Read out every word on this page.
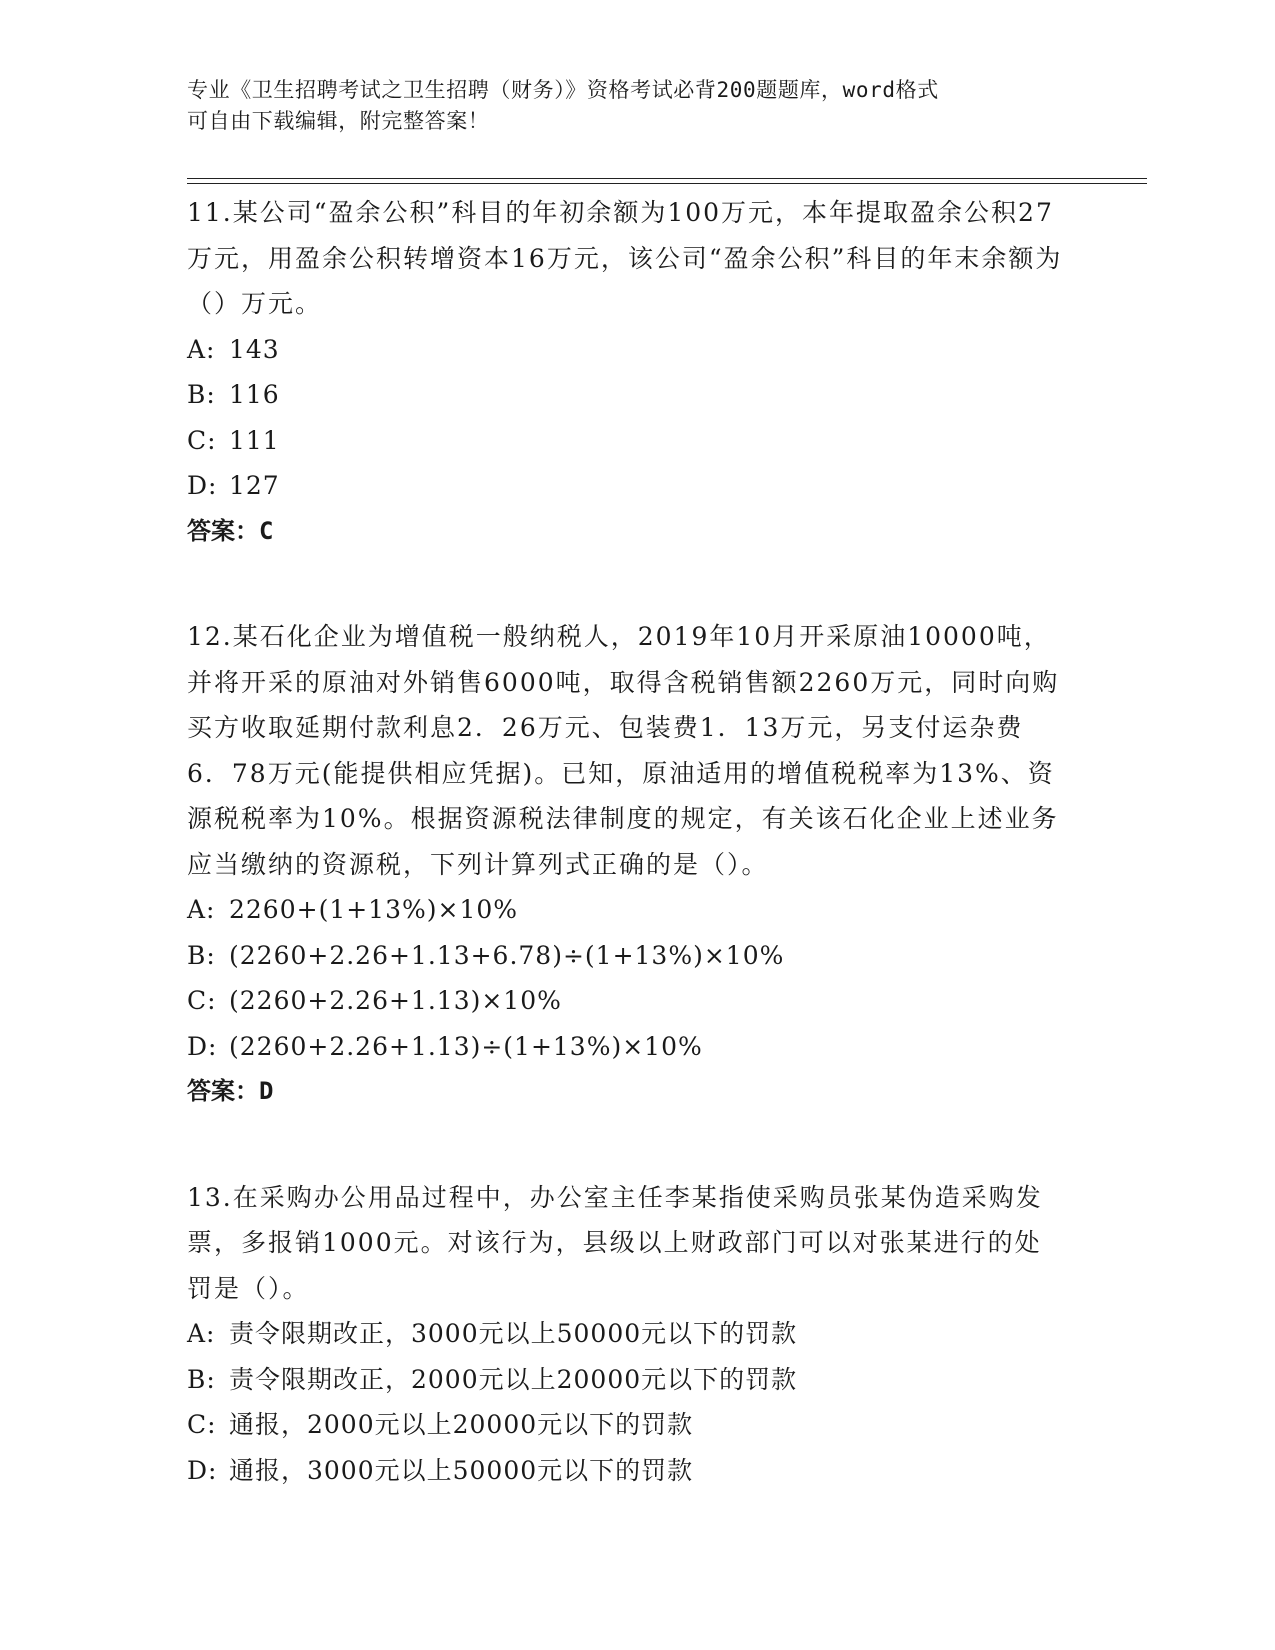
专业《卫生招聘考试之卫生招聘（财务）》资格考试必背200题题库，word格式
可自由下载编辑，附完整答案！

11.某公司“盈余公积”科目的年初余额为100万元，本年提取盈余公积27万元，用盈余公积转增资本16万元，该公司“盈余公积”科目的年末余额为（）万元。

A: 143
B: 116
C: 111
D: 127

答案：C

12.某石化企业为增值税一般纳税人，2019年10月开采原油10000吨，并将开采的原油对外销售6000吨，取得含税销售额2260万元，同时向购买方收取延期付款利息2．26万元、包装费1．13万元，另支付运杂费6．78万元(能提供相应凭据)。已知，原油适用的增值税税率为13%、资源税税率为10%。根据资源税法律制度的规定，有关该石化企业上述业务应当缴纳的资源税，下列计算列式正确的是（）。

A: 2260+(1+13%)×10%
B: (2260+2.26+1.13+6.78)÷(1+13%)×10%
C: (2260+2.26+1.13)×10%
D: (2260+2.26+1.13)÷(1+13%)×10%

答案：D

13.在采购办公用品过程中，办公室主任李某指使采购员张某伪造采购发票，多报销1000元。对该行为，县级以上财政部门可以对张某进行的处罚是（）。

A: 责令限期改正，3000元以上50000元以下的罚款
B: 责令限期改正，2000元以上20000元以下的罚款
C: 通报，2000元以上20000元以下的罚款
D: 通报，3000元以上50000元以下的罚款
